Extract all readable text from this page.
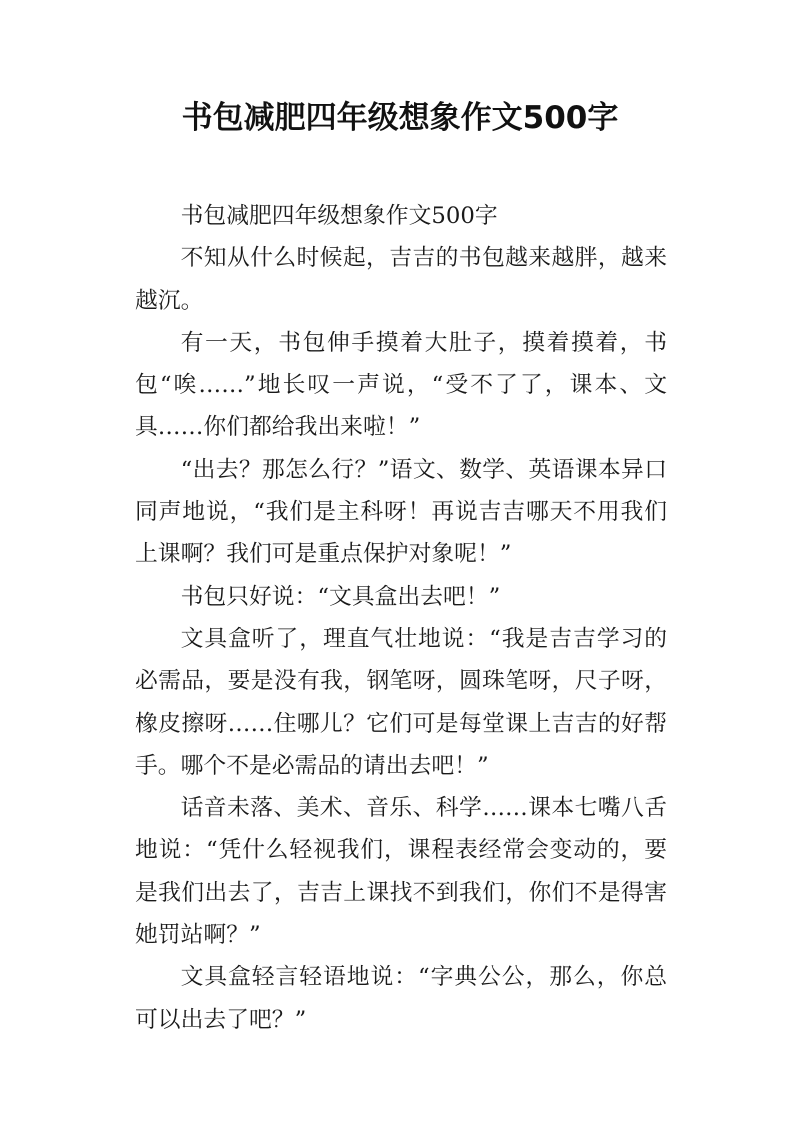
书包减肥四年级想象作文500字

书包减肥四年级想象作文500字

不知从什么时候起，吉吉的书包越来越胖，越来越沉。

有一天，书包伸手摸着大肚子，摸着摸着，书包“唉……”地长叹一声说，“受不了了，课本、文具……你们都给我出来啦！”

“出去？那怎么行？”语文、数学、英语课本异口同声地说，“我们是主科呀！再说吉吉哪天不用我们上课啊？我们可是重点保护对象呢！”

书包只好说：“文具盒出去吧！”

文具盒听了，理直气壮地说：“我是吉吉学习的必需品，要是没有我，钢笔呀，圆珠笔呀，尺子呀，橡皮擦呀……住哪儿？它们可是每堂课上吉吉的好帮手。哪个不是必需品的请出去吧！”

话音未落、美术、音乐、科学……课本七嘴八舌地说：“凭什么轻视我们，课程表经常会变动的，要是我们出去了，吉吉上课找不到我们，你们不是得害她罚站啊？”

文具盒轻言轻语地说：“字典公公，那么，你总可以出去了吧？”
